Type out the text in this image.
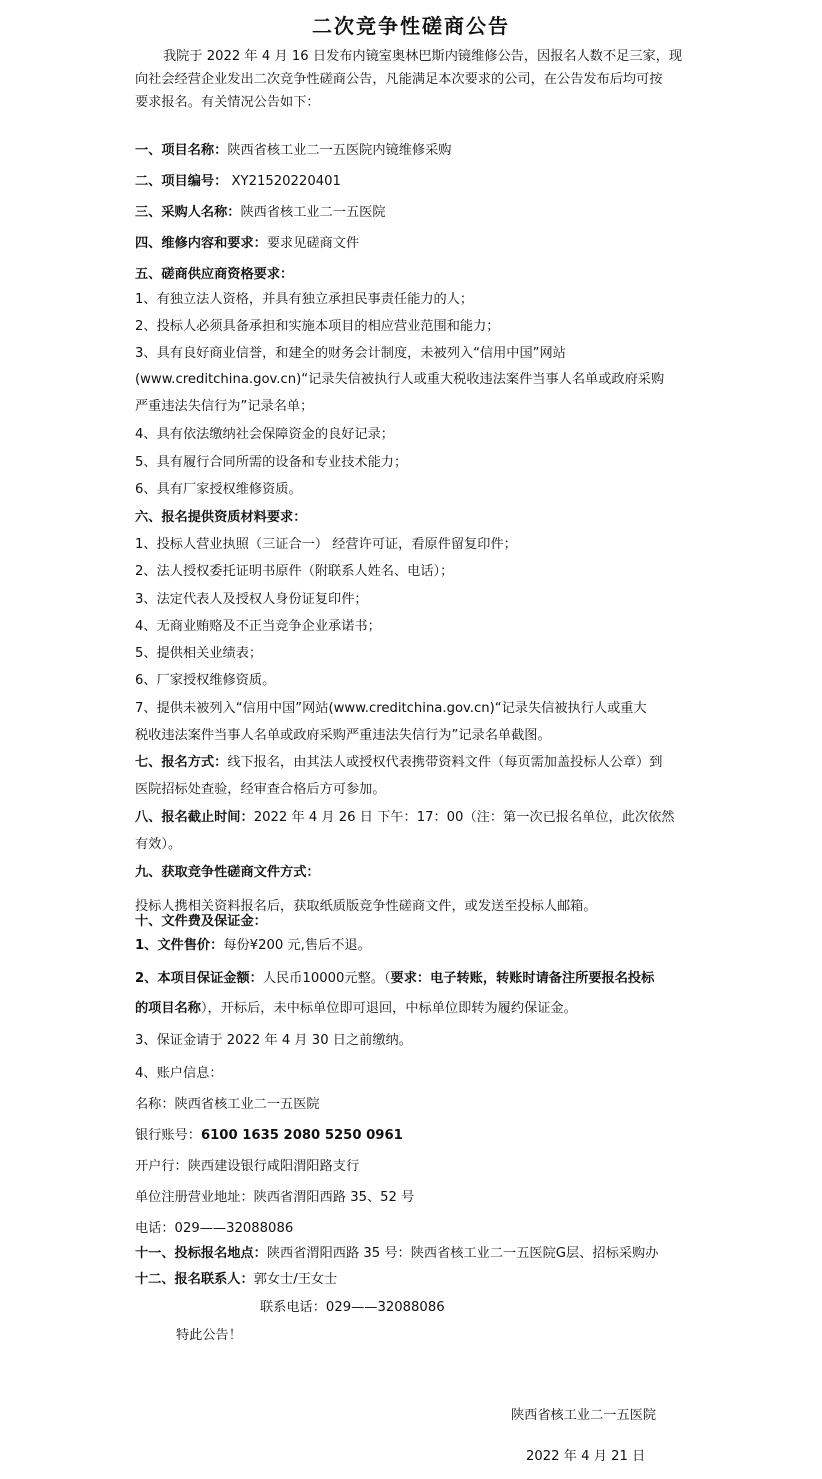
二次竞争性磋商公告
我院于 2022 年 4 月 16 日发布内镜室奥林巴斯内镜维修公告，因报名人数不足三家，现
向社会经营企业发出二次竞争性磋商公告，凡能满足本次要求的公司，在公告发布后均可按
要求报名。有关情况公告如下：
一、项目名称：陕西省核工业二一五医院内镜维修采购
二、项目编号： XY21520220401
三、采购人名称：陕西省核工业二一五医院
四、维修内容和要求：要求见磋商文件
五、磋商供应商资格要求：
1、有独立法人资格，并具有独立承担民事责任能力的人；
2、投标人必须具备承担和实施本项目的相应营业范围和能力；
3、具有良好商业信誉，和建全的财务会计制度，未被列入“信用中国”网站
(www.creditchina.gov.cn)“记录失信被执行人或重大税收违法案件当事人名单或政府采购
严重违法失信行为”记录名单；
4、具有依法缴纳社会保障资金的良好记录；
5、具有履行合同所需的设备和专业技术能力；
6、具有厂家授权维修资质。
六、报名提供资质材料要求：
1、投标人营业执照（三证合一） 经营许可证，看原件留复印件；
2、法人授权委托证明书原件（附联系人姓名、电话）；
3、法定代表人及授权人身份证复印件；
4、无商业贿赂及不正当竞争企业承诺书；
5、提供相关业绩表；
6、厂家授权维修资质。
7、提供未被列入“信用中国”网站(www.creditchina.gov.cn)“记录失信被执行人或重大
税收违法案件当事人名单或政府采购严重违法失信行为”记录名单截图。
七、报名方式：线下报名，由其法人或授权代表携带资料文件（每页需加盖投标人公章）到
医院招标处查验，经审查合格后方可参加。
八、报名截止时间：2022 年 4 月 26 日 下午：17：00（注：第一次已报名单位，此次依然
有效）。
九、获取竞争性磋商文件方式：
投标人携相关资料报名后，获取纸质版竞争性磋商文件，或发送至投标人邮箱。
十、文件费及保证金：
1、文件售价：每份¥200 元,售后不退。
2、本项目保证金额：人民币10000元整。（要求：电子转账，转账时请备注所要报名投标
的项目名称），开标后，未中标单位即可退回，中标单位即转为履约保证金。
3、保证金请于 2022 年 4 月 30 日之前缴纳。
4、账户信息：
名称：陕西省核工业二一五医院
银行账号：6100 1635 2080 5250 0961
开户行：陕西建设银行咸阳渭阳路支行
单位注册营业地址：陕西省渭阳西路 35、52 号
电话：029——32088086
十一、投标报名地点：陕西省渭阳西路 35 号：陕西省核工业二一五医院G层、招标采购办
十二、报名联系人：郭女士/王女士
联系电话：029——32088086
特此公告！
陕西省核工业二一五医院
2022 年 4 月 21 日
